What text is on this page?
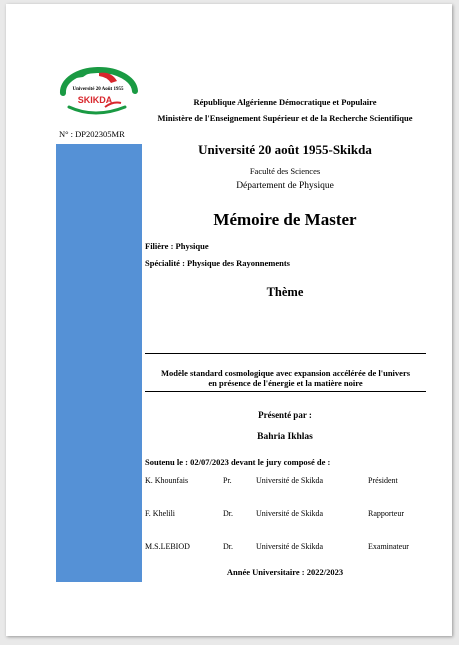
Université 20 Août 1955
SKIKDA
N° : DP202305MR
République Algérienne Démocratique et Populaire
Ministère de l'Enseignement Supérieur et de la Recherche Scientifique
Université 20 août 1955-Skikda
Faculté des Sciences
Département de Physique
Mémoire de Master
Filière : Physique
Spécialité : Physique des Rayonnements
Thème
Modèle standard cosmologique avec expansion accélérée de l'univers
en présence de l'énergie et la matière noire
Présenté par :
Bahria Ikhlas
Soutenu le : 02/07/2023 devant le jury composé de :
K. Khounfais	Pr.	Université de Skikda	Président
F. Khelili	Dr.	Université de Skikda	Rapporteur
M.S.LEBIOD	Dr.	Université de Skikda	Examinateur
Année Universitaire : 2022/2023
